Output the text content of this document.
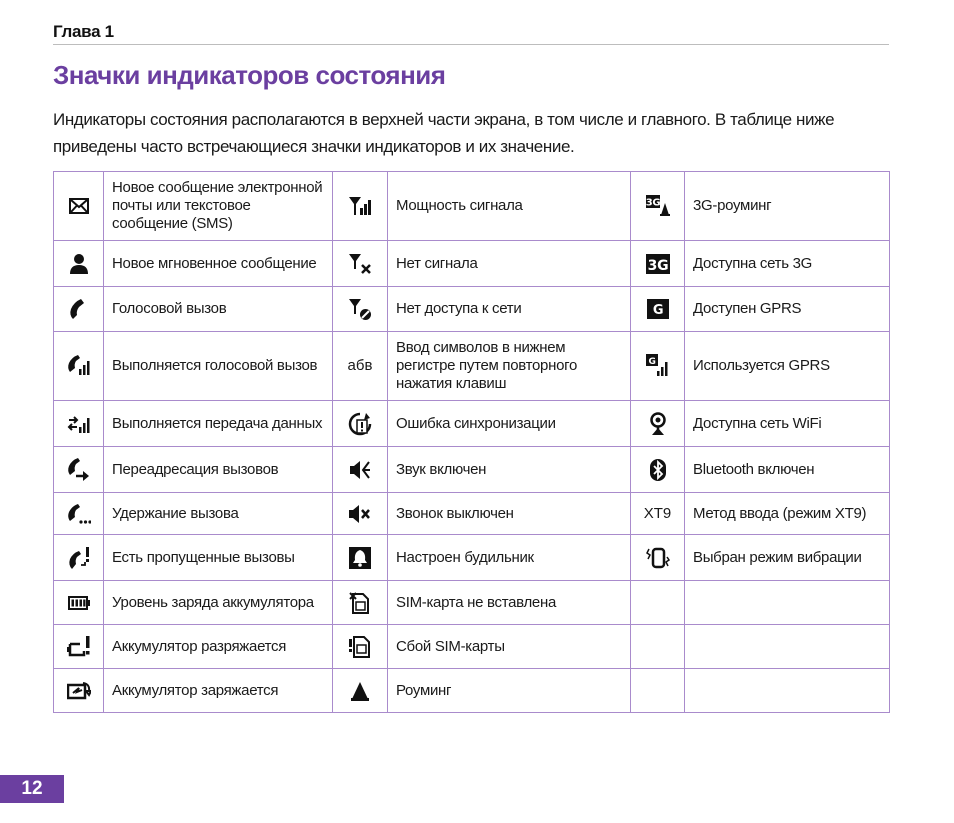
Глава 1
Значки индикаторов состояния

Индикаторы состояния располагаются в верхней части экрана, в том числе и главного. В таблице ниже приведены часто встречающиеся значки индикаторов и их значение.

	Новое сообщение электронной почты или текстовое сообщение (SMS)		Мощность сигнала	3G	3G-роуминг
	Новое мгновенное сообщение		Нет сигнала	3G	Доступна сеть 3G
	Голосовой вызов		Нет доступа к сети	G	Доступен GPRS
	Выполняется голосовой вызов	абв	Ввод символов в нижнем регистре путем повторного нажатия клавиш	G	Используется GPRS
	Выполняется передача данных		Ошибка синхронизации		Доступна сеть WiFi
	Переадресация вызовов		Звук включен		Bluetooth включен
	Удержание вызова		Звонок выключен	XT9	Метод ввода (режим XT9)
	Есть пропущенные вызовы		Настроен будильник		Выбран режим вибрации
	Уровень заряда аккумулятора		SIM-карта не вставлена		
	Аккумулятор разряжается		Сбой SIM-карты		
	Аккумулятор заряжается		Роуминг		
12
